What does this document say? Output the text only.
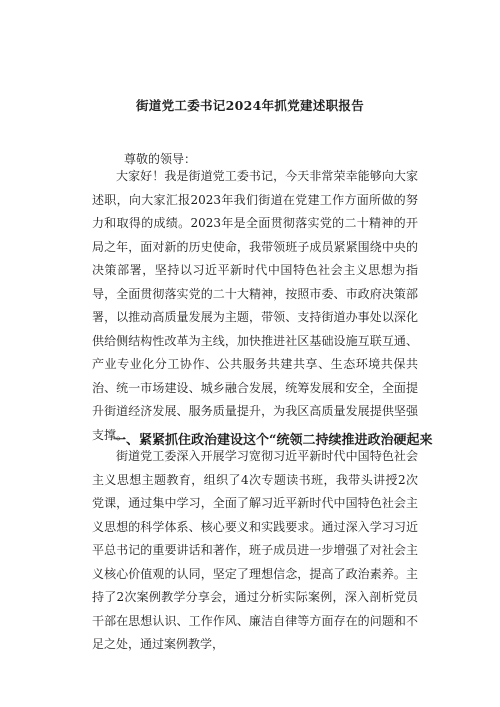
街道党工委书记2024年抓党建述职报告
尊敬的领导：

大家好！我是街道党工委书记，今天非常荣幸能够向大家述职，向大家汇报2023年我们街道在党建工作方面所做的努力和取得的成绩。2023年是全面贯彻落实党的二十精神的开局之年，面对新的历史使命，我带领班子成员紧紧围绕中央的决策部署，坚持以习近平新时代中国特色社会主义思想为指导，全面贯彻落实党的二十大精神，按照市委、市政府决策部署，以推动高质量发展为主题，带领、支持街道办事处以深化供给侧结构性改革为主线，加快推进社区基础设施互联互通、产业专业化分工协作、公共服务共建共享、生态环境共保共治、统一市场建设、城乡融合发展，统筹发展和安全，全面提升街道经济发展、服务质量提升，为我区高质量发展提供坚强支撑。

一、紧紧抓住政治建设这个“统领二持续推进政治硬起来

街道党工委深入开展学习宽彻习近平新时代中国特色社会主义思想主题教育，组织了4次专题读书班，我带头讲授2次党课，通过集中学习，全面了解习近平新时代中国特色社会主义思想的科学体系、核心要义和实践要求。通过深入学习习近平总书记的重要讲话和著作，班子成员进一步增强了对社会主义核心价值观的认同，坚定了理想信念，提高了政治素养。主持了2次案例教学分享会，通过分析实际案例，深入剖析党员干部在思想认识、工作作风、廉洁自律等方面存在的问题和不足之处，通过案例教学，
